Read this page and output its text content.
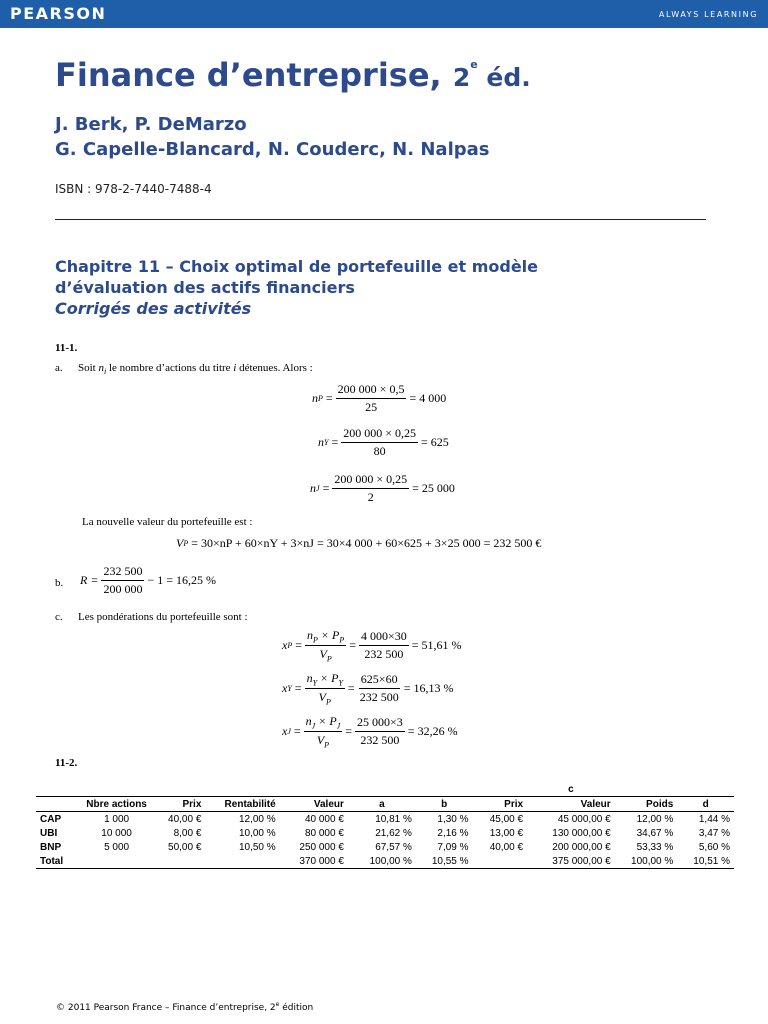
PEARSON	ALWAYS LEARNING
Finance d’entreprise, 2e éd.
J. Berk, P. DeMarzo
G. Capelle-Blancard, N. Couderc, N. Nalpas
ISBN : 978-2-7440-7488-4
Chapitre 11 – Choix optimal de portefeuille et modèle
d’évaluation des actifs financiers
Corrigés des activités
11-1.
a. Soit $n_i$ le nombre d’actions du titre i détenues. Alors :
n $P = \frac{200 000 \times 0,5}{25} = 4$ 000
n $Y = \frac{200 000 \times 0,25}{80} = 625$
n $J = \frac{200 000 \times 0,25}{2} = 25$ 000
La nouvelle valeur du portefeuille est :
V P
= 30×nP + 60×nY + 3×nJ = 30×4 000 + 60×625 + 3×25 000 = 232 500 €
b. $R = \frac{232 500}{200 000} - 1 = 16,25$ %
c. Les pondérations du portefeuille sont :
x $P = \frac{n_P \times P_P}{V_P} = \frac{4 000\times 30}{232 500} = 51,61$ %
x $Y = \frac{n_Y \times P_Y}{V_P} = \frac{625\times 60}{232 500} = 16,13$ %
x $J = \frac{n_J \times P_J}{V_P} = \frac{25 000\times 3}{232 500} = 32,26$ %
11-2.
								c		
	Nbre actions	Prix	Rentabilité	Valeur	a	b	Prix	Valeur	Poids	d
CAP	1 000	40,00 €	12,00 %	40 000 €	10,81 %	1,30 %	45,00 €	45 000,00 €	12,00 %	1,44 %
UBI	10 000	8,00 €	10,00 %	80 000 €	21,62 %	2,16 %	13,00 €	130 000,00 €	34,67 %	3,47 %
BNP	5 000	50,00 €	10,50 %	250 000 €	67,57 %	7,09 %	40,00 €	200 000,00 €	53,33 %	5,60 %
Total				370 000 €	100,00 %	10,55 %		375 000,00 €	100,00 %	10,51 %
© 2011 Pearson France – Finance d’entreprise, 2e édition
